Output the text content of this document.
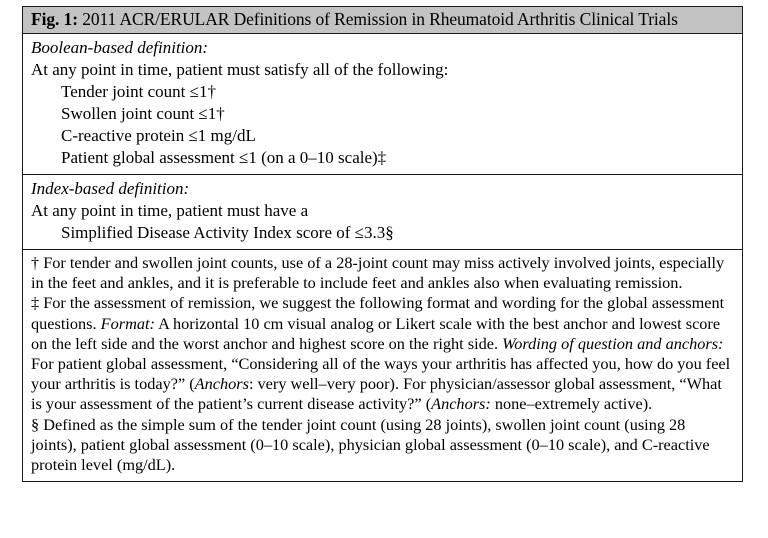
Fig. 1: 2011 ACR/ERULAR Definitions of Remission in Rheumatoid Arthritis Clinical Trials
Boolean-based definition:
At any point in time, patient must satisfy all of the following:
Tender joint count ≤1†
Swollen joint count ≤1†
C-reactive protein ≤1 mg/dL
Patient global assessment ≤1 (on a 0–10 scale)‡
Index-based definition:
At any point in time, patient must have a
Simplified Disease Activity Index score of ≤3.3§

† For tender and swollen joint counts, use of a 28-joint count may miss actively involved joints, especially in the feet and ankles, and it is preferable to include feet and ankles also when evaluating remission.

‡ For the assessment of remission, we suggest the following format and wording for the global assessment questions. Format: A horizontal 10 cm visual analog or Likert scale with the best anchor and lowest score on the left side and the worst anchor and highest score on the right side. Wording of question and anchors: For patient global assessment, “Considering all of the ways your arthritis has affected you, how do you feel your arthritis is today?” (Anchors: very well–very poor). For physician/assessor global assessment, “What is your assessment of the patient’s current disease activity?” (Anchors: none–extremely active).

§ Defined as the simple sum of the tender joint count (using 28 joints), swollen joint count (using 28 joints), patient global assessment (0–10 scale), physician global assessment (0–10 scale), and C-reactive protein level (mg/dL).
